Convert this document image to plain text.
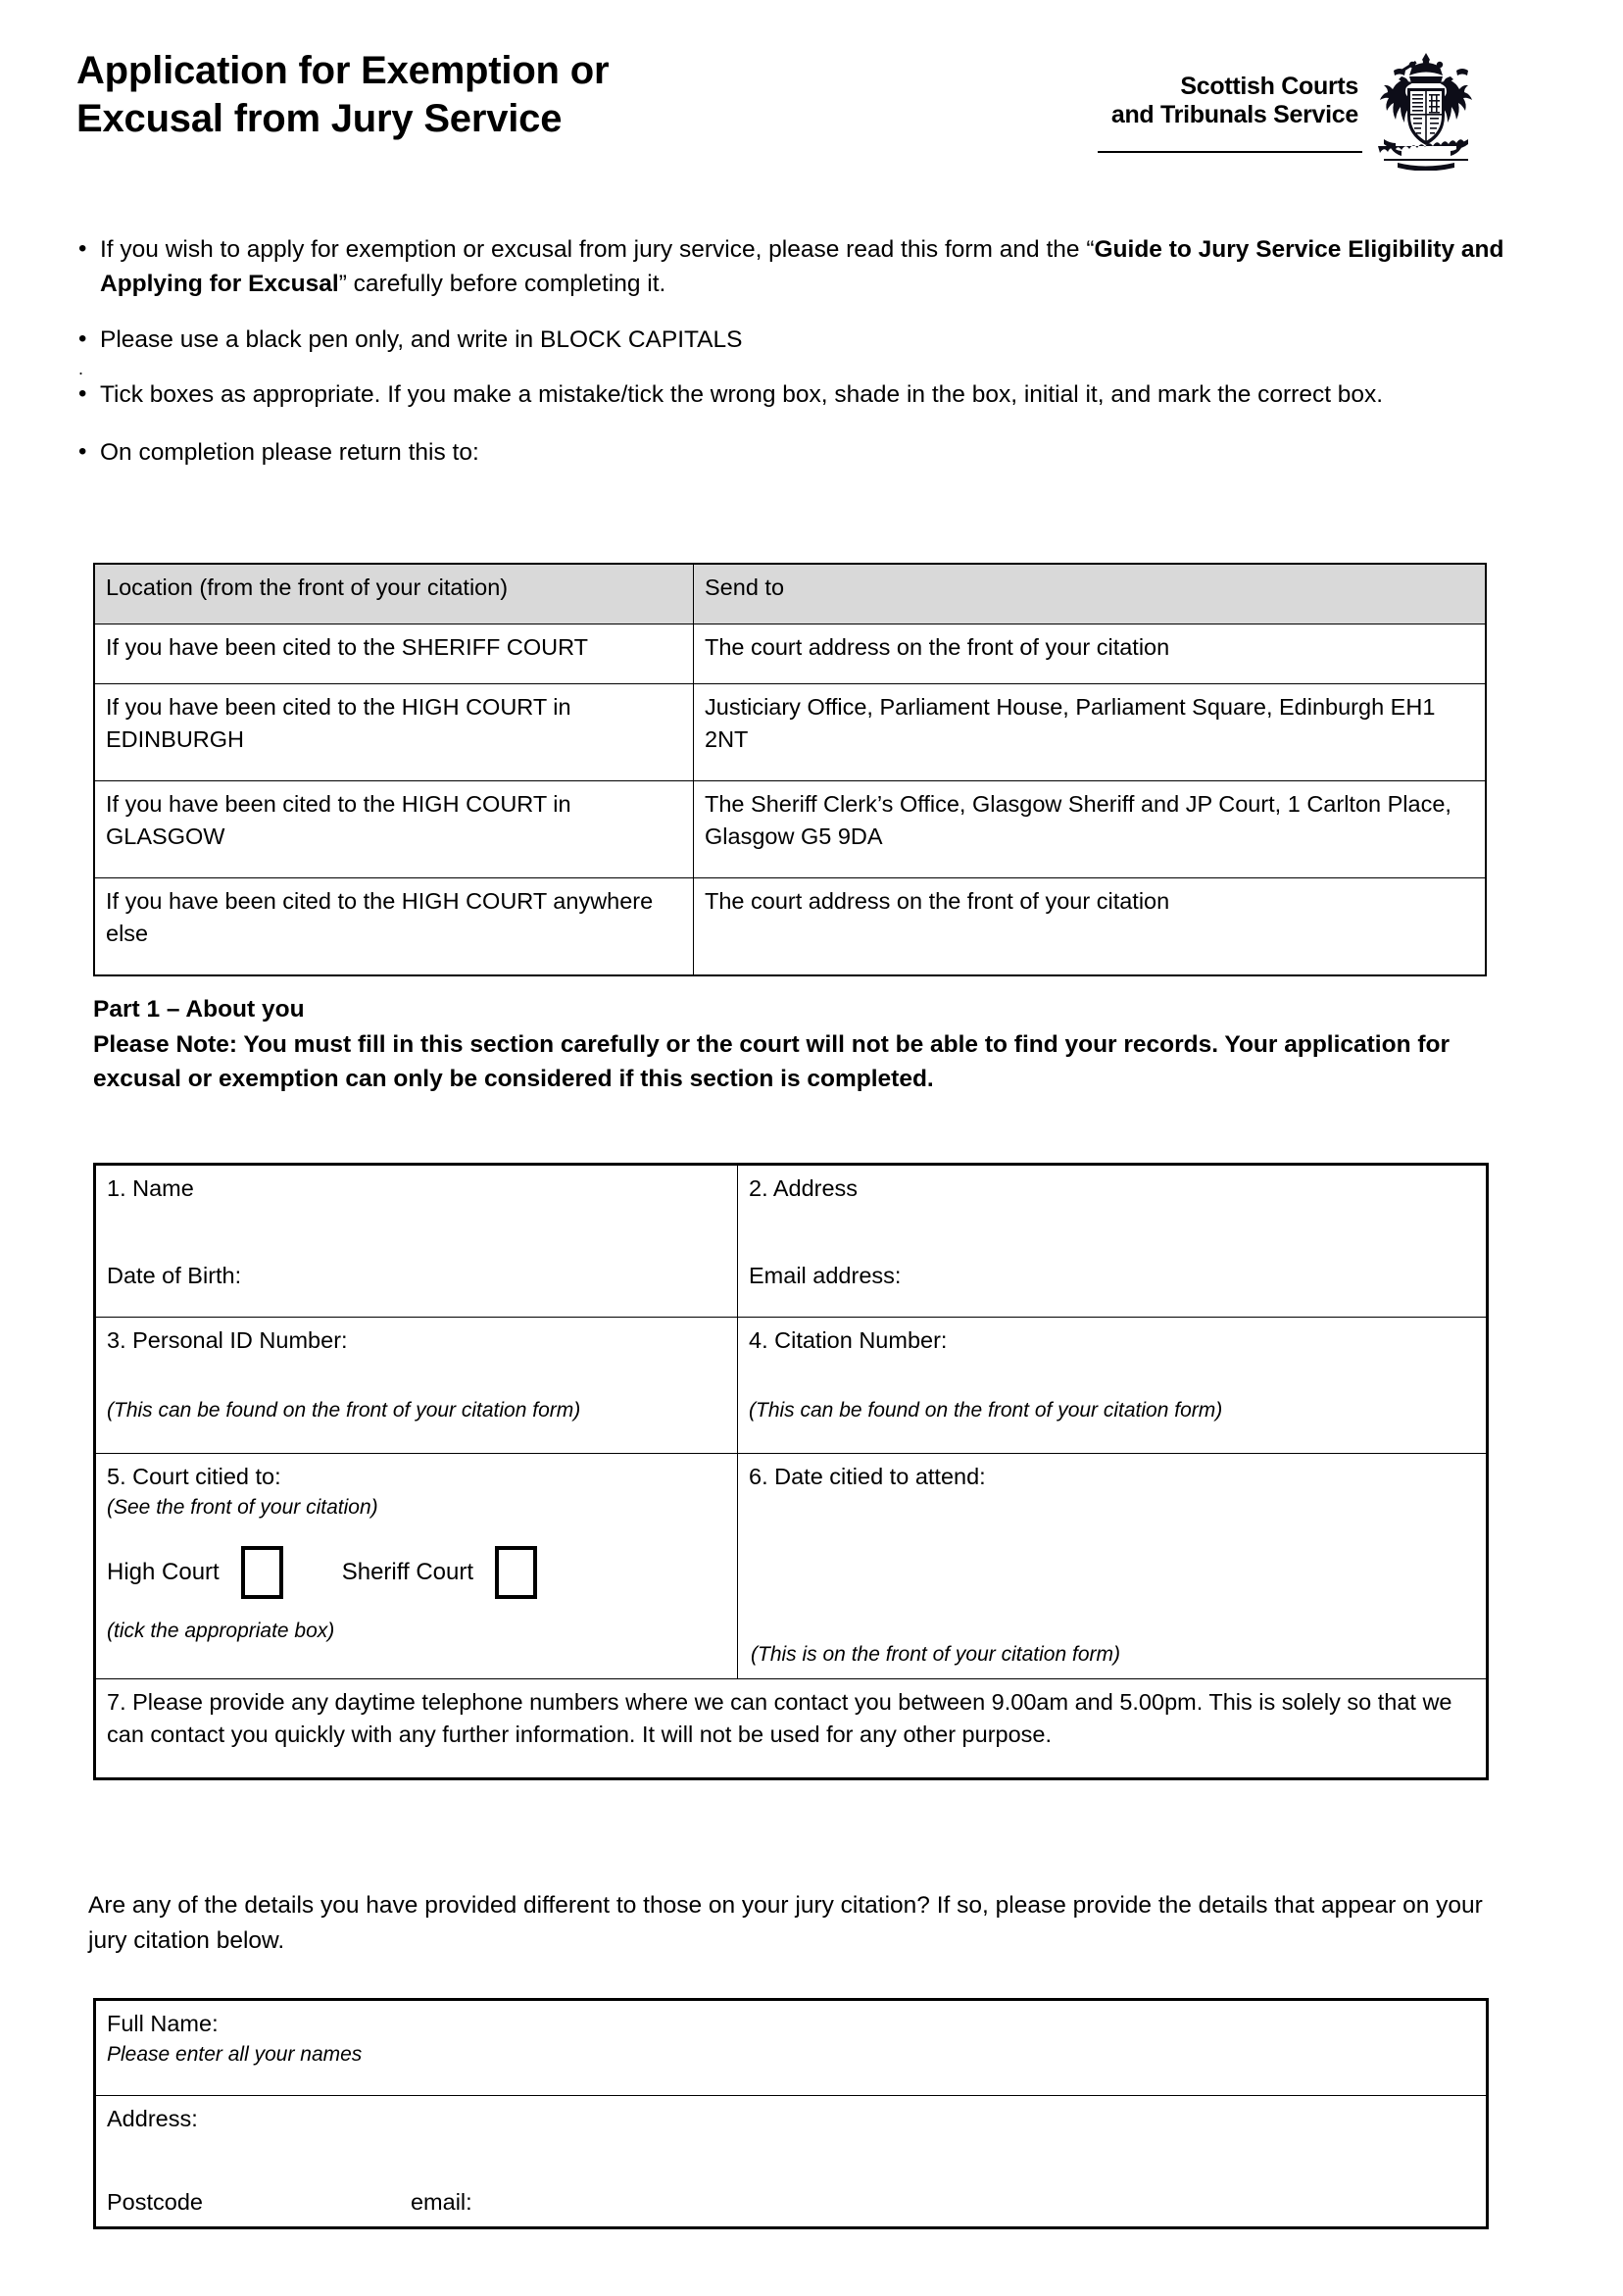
Application for Exemption or
Excusal from Jury Service
Scottish Courts
and Tribunals Service
• If you wish to apply for exemption or excusal from jury service, please read this form and the “Guide to Jury Service Eligibility and Applying for Excusal” carefully before completing it.
• Please use a black pen only, and write in BLOCK CAPITALS
.
• Tick boxes as appropriate. If you make a mistake/tick the wrong box, shade in the box, initial it, and mark the correct box.
• On completion please return this to:
Location (from the front of your citation)	Send to
If you have been cited to the SHERIFF COURT	The court address on the front of your citation
If you have been cited to the HIGH COURT in EDINBURGH	Justiciary Office, Parliament House, Parliament Square, Edinburgh EH1 2NT
If you have been cited to the HIGH COURT in GLASGOW	The Sheriff Clerk’s Office, Glasgow Sheriff and JP Court, 1 Carlton Place, Glasgow G5 9DA
If you have been cited to the HIGH COURT anywhere else	The court address on the front of your citation
Part 1 – About you
Please Note: You must fill in this section carefully or the court will not be able to find your records. Your application for excusal or exemption can only be considered if this section is completed.
1. Name
Date of Birth:

2. Address
Email address:

3. Personal ID Number:
(This can be found on the front of your citation form)

4. Citation Number:
(This can be found on the front of your citation form)

5. Court citied to:
(See the front of your citation)
High Court	Sheriff Court
(tick the appropriate box)

6. Date citied to attend:
(This is on the front of your citation form)

7. Please provide any daytime telephone numbers where we can contact you between 9.00am and 5.00pm. This is solely so that we can contact you quickly with any further information. It will not be used for any other purpose.	
Are any of the details you have provided different to those on your jury citation? If so, please provide the details that appear on your jury citation below.
Full Name:
Please enter all your names

Address:
Postcode	email:
